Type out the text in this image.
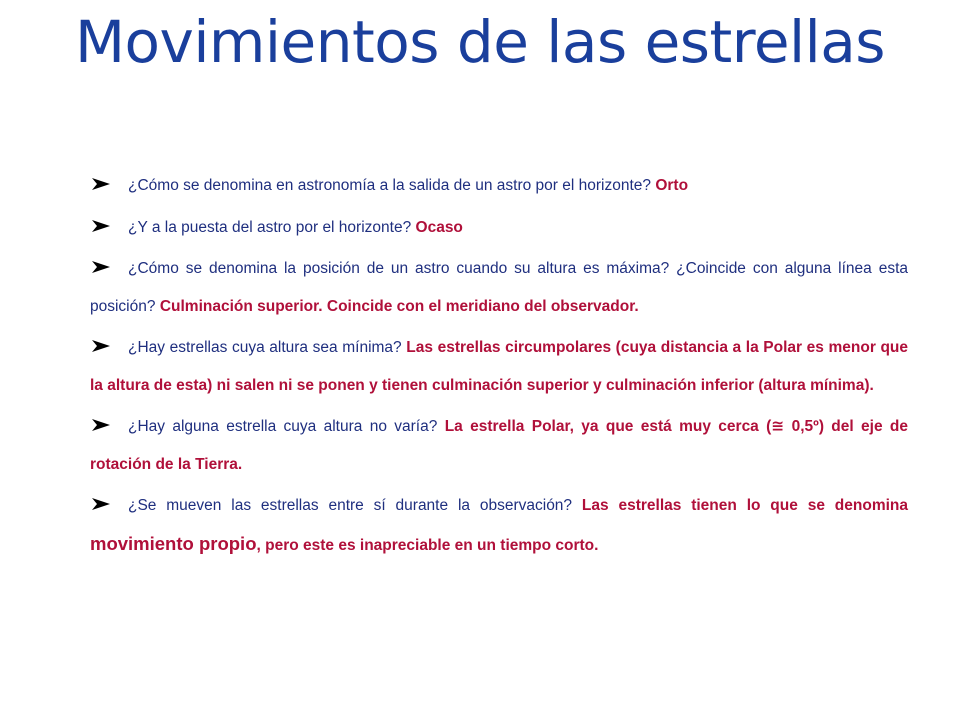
Movimientos de las estrellas

¿Cómo se denomina en astronomía a la salida de un astro por el horizonte? Orto

¿Y a la puesta del astro por el horizonte? Ocaso

¿Cómo se denomina la posición de un astro cuando su altura es máxima? ¿Coincide con alguna línea esta posición? Culminación superior. Coincide con el meridiano del observador.

¿Hay estrellas cuya altura sea mínima? Las estrellas circumpolares (cuya distancia a la Polar es menor que la altura de esta) ni salen ni se ponen y tienen culminación superior y culminación inferior (altura mínima).

¿Hay alguna estrella cuya altura no varía? La estrella Polar, ya que está muy cerca (≅ 0,5º) del eje de rotación de la Tierra.

¿Se mueven las estrellas entre sí durante la observación? Las estrellas tienen lo que se denomina movimiento propio, pero este es inapreciable en un tiempo corto.
